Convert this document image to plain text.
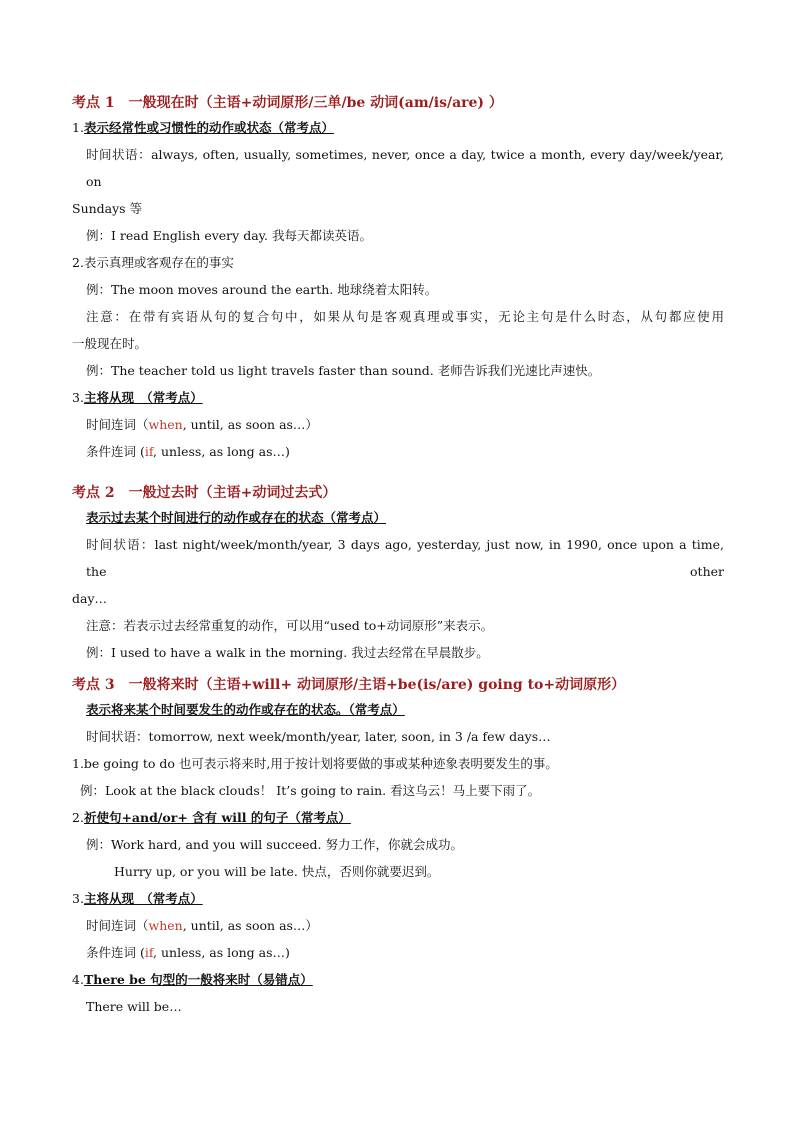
考点 1　一般现在时（主语+动词原形/三单/be 动词(am/is/are) ）
1.表示经常性或习惯性的动作或状态（常考点）
时间状语：always, often, usually, sometimes, never, once a day, twice a month, every day/week/year, on
Sundays 等
例：I read English every day. 我每天都读英语。
2.表示真理或客观存在的事实
例：The moon moves around the earth. 地球绕着太阳转。
注意：在带有宾语从句的复合句中，如果从句是客观真理或事实，无论主句是什么时态，从句都应使用
一般现在时。
例：The teacher told us light travels faster than sound. 老师告诉我们光速比声速快。
3.主将从现　（常考点）
时间连词（when, until, as soon as…）
条件连词 (if, unless, as long as…)
考点 2　一般过去时（主语+动词过去式）
表示过去某个时间进行的动作或存在的状态（常考点）
时间状语：last night/week/month/year, 3 days ago, yesterday, just now, in 1990, once upon a time, the other
day…
注意：若表示过去经常重复的动作，可以用“used to+动词原形”来表示。
例：I used to have a walk in the morning. 我过去经常在早晨散步。
考点 3　一般将来时（主语+will+ 动词原形/主语+be(is/are) going to+动词原形）
表示将来某个时间要发生的动作或存在的状态。（常考点）
时间状语：tomorrow, next week/month/year, later, soon, in 3 /a few days…
1.be going to do 也可表示将来时,用于按计划将要做的事或某种迹象表明要发生的事。
例：Look at the black clouds！ It’s going to rain. 看这乌云！马上要下雨了。
2.祈使句+and/or+ 含有 will 的句子（常考点）
例：Work hard, and you will succeed. 努力工作，你就会成功。
Hurry up, or you will be late. 快点，否则你就要迟到。
3.主将从现　（常考点）
时间连词（when, until, as soon as…）
条件连词 (if, unless, as long as…)
4.There be 句型的一般将来时（易错点）
There will be…
